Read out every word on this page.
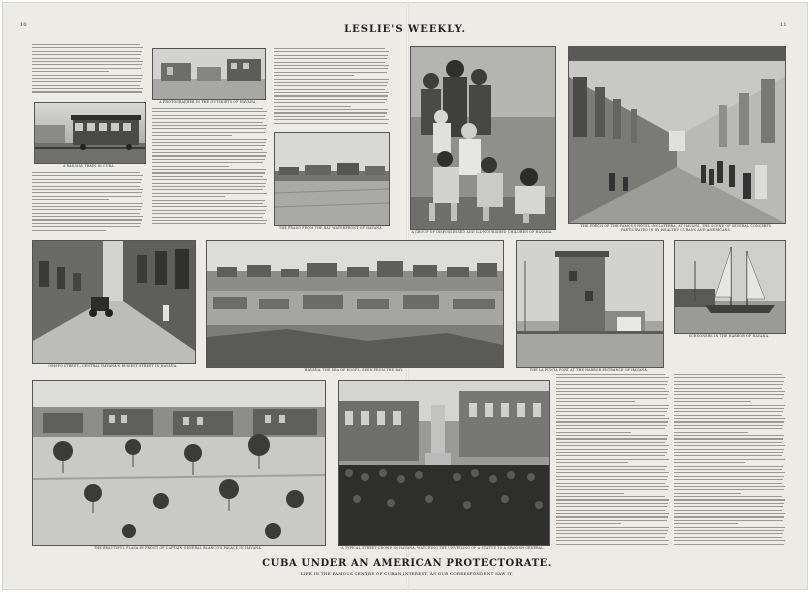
10	LESLIE'S WEEKLY.	11
A RAILWAY TRAIN IN CUBA.
A PHOTOGRAPHER IN THE OUTSKIRTS OF HAVANA.
THE PRADO FROM THE BAY WATERFRONT OF HAVANA.
A GROUP OF DISPOSSESSED AND ILL-NOURISHED CHILDREN OF HAVANA.
THE PORCH OF THE FAMOUS HOTEL INGLATERRA, AT HAVANA, THE SCENE OF SEVERAL CONCERTS PARTICIPATED IN BY WEALTHY CUBANS AND AMERICANS.
OBISPO STREET—CENTRAL HAVANA'S BUSIEST STREET IN HAVANA.
HAVANA, THE SEA OF ROOFS, SEEN FROM THE BAY.	THE LA PUNTA FORT AT THE HARBOR ENTRANCE OF HAVANA.
SCHOONERS IN THE HARBOR OF HAVANA.
THE BEAUTIFUL PLAZA IN FRONT OF CAPTAIN-GENERAL BLANCO'S PALACE IN HAVANA.	A TYPICAL STREET CROWD IN HAVANA, WATCHING THE UNVEILING OF A STATUE TO A SPANISH GENERAL.
CUBA UNDER AN AMERICAN PROTECTORATE.
LIFE IN THE FAMOUS CENTRE OF CUBAN INTEREST, AS OUR CORRESPONDENT SAW IT.
